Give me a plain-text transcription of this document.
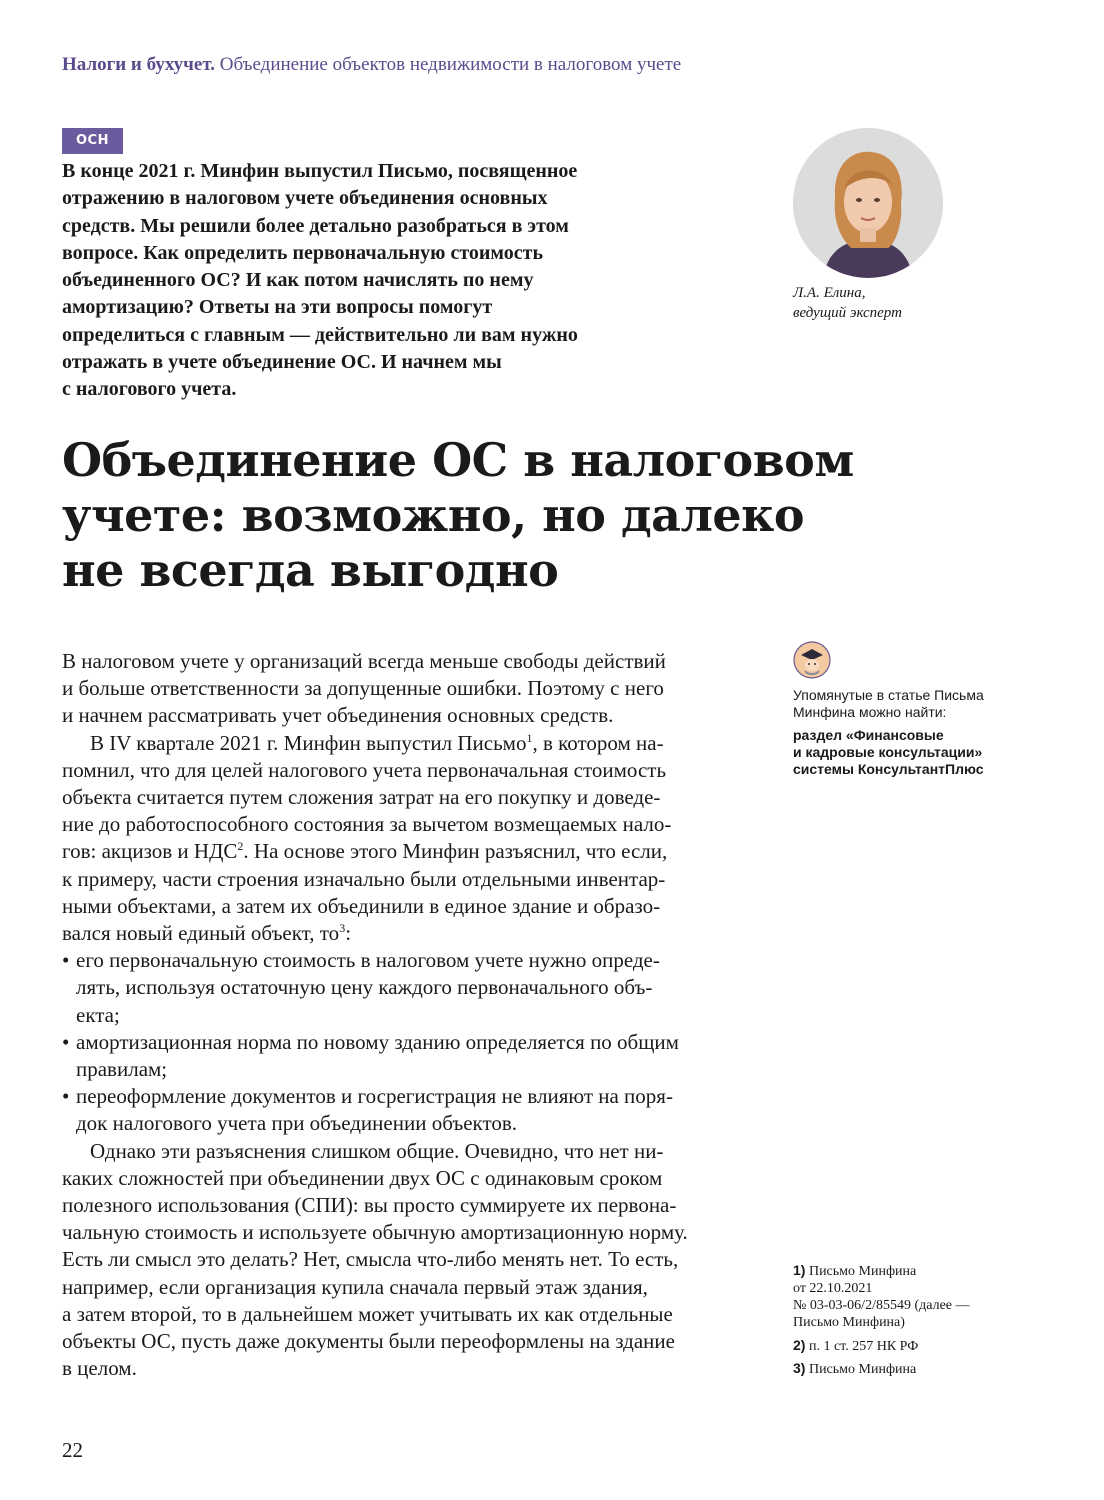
Налоги и бухучет. Объединение объектов недвижимости в налоговом учете
ОСН

В конце 2021 г. Минфин выпустил Письмо, посвященное
отражению в налоговом учете объединения основных
средств. Мы решили более детально разобраться в этом
вопросе. Как определить первоначальную стоимость
объединенного ОС? И как потом начислять по нему
амортизацию? Ответы на эти вопросы помогут
определиться с главным — действительно ли вам нужно
отражать в учете объединение ОС. И начнем мы
с налогового учета.

Л.А. Елина,
ведущий эксперт
Объединение ОС в налоговом
учете: возможно, но далеко
не всегда выгодно
В налоговом учете у организаций всегда меньше свободы действий
и больше ответственности за допущенные ошибки. Поэтому с него
и начнем рассматривать учет объединения основных средств.
В IV квартале 2021 г. Минфин выпустил Письмо$^1$, в котором на-
помнил, что для целей налогового учета первоначальная стоимость
объекта считается путем сложения затрат на его покупку и доведе-
ние до работоспособного состояния за вычетом возмещаемых нало-
гов: акцизов и НДС$^2$. На основе этого Минфин разъяснил, что если,
к примеру, части строения изначально были отдельными инвентар-
ными объектами, а затем их объединили в единое здание и образо-
вался новый единый объект, $то^3$:
• его первоначальную стоимость в налоговом учете нужно опреде-
лять, используя остаточную цену каждого первоначального объ-
екта;
• амортизационная норма по новому зданию определяется по общим
правилам;
• переоформление документов и госрегистрация не влияют на поря-
док налогового учета при объединении объектов.
Однако эти разъяснения слишком общие. Очевидно, что нет ни-
каких сложностей при объединении двух ОС с одинаковым сроком
полезного использования (СПИ): вы просто суммируете их первона-
чальную стоимость и используете обычную амортизационную норму.
Есть ли смысл это делать? Нет, смысла что-либо менять нет. То есть,
например, если организация купила сначала первый этаж здания,
а затем второй, то в дальнейшем может учитывать их как отдельные
объекты ОС, пусть даже документы были переоформлены на здание
в целом.
Упомянутые в статье Письма
Минфина можно найти:
раздел «Финансовые
и кадровые консультации»
системы КонсультантПлюс
1) Письмо Минфина
от 22.10.2021
№ 03-03-06/2/85549 (далее —
Письмо Минфина)
2) п. 1 ст. 257 НК РФ
3) Письмо Минфина
22
